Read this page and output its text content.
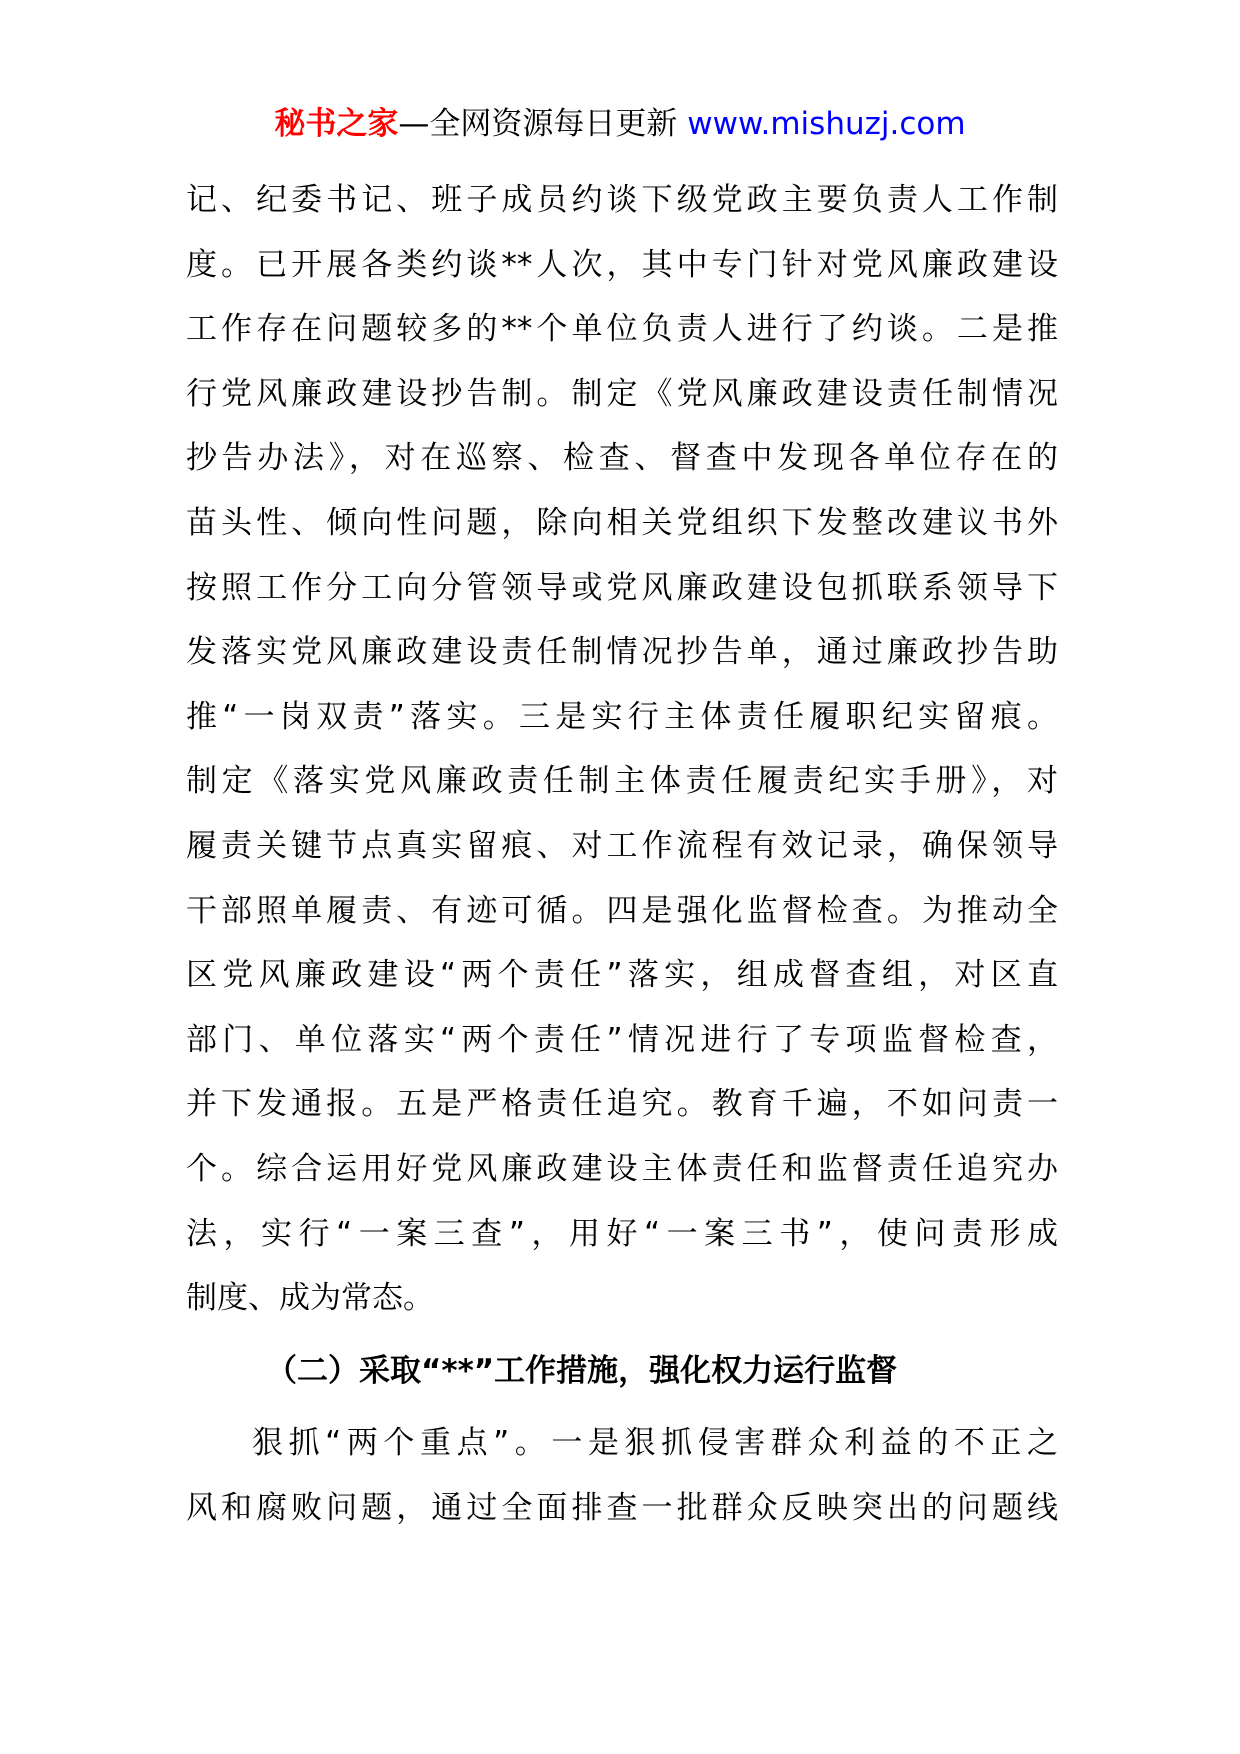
秘书之家—全网资源每日更新 www.mishuzj.com
记、纪委书记、班子成员约谈下级党政主要负责人工作制
度。已开展各类约谈**人次，其中专门针对党风廉政建设
工作存在问题较多的**个单位负责人进行了约谈。二是推
行党风廉政建设抄告制。制定《党风廉政建设责任制情况
抄告办法》，对在巡察、检查、督查中发现各单位存在的
苗头性、倾向性问题，除向相关党组织下发整改建议书外
按照工作分工向分管领导或党风廉政建设包抓联系领导下
发落实党风廉政建设责任制情况抄告单，通过廉政抄告助
推“一岗双责”落实。三是实行主体责任履职纪实留痕。
制定《落实党风廉政责任制主体责任履责纪实手册》，对
履责关键节点真实留痕、对工作流程有效记录，确保领导
干部照单履责、有迹可循。四是强化监督检查。为推动全
区党风廉政建设“两个责任”落实，组成督查组，对区直
部门、单位落实“两个责任”情况进行了专项监督检查，
并下发通报。五是严格责任追究。教育千遍，不如问责一
个。综合运用好党风廉政建设主体责任和监督责任追究办
法，实行“一案三查”，用好“一案三书”，使问责形成
制度、成为常态。
（二）采取“**”工作措施，强化权力运行监督
狠抓“两个重点”。一是狠抓侵害群众利益的不正之
风和腐败问题，通过全面排查一批群众反映突出的问题线
